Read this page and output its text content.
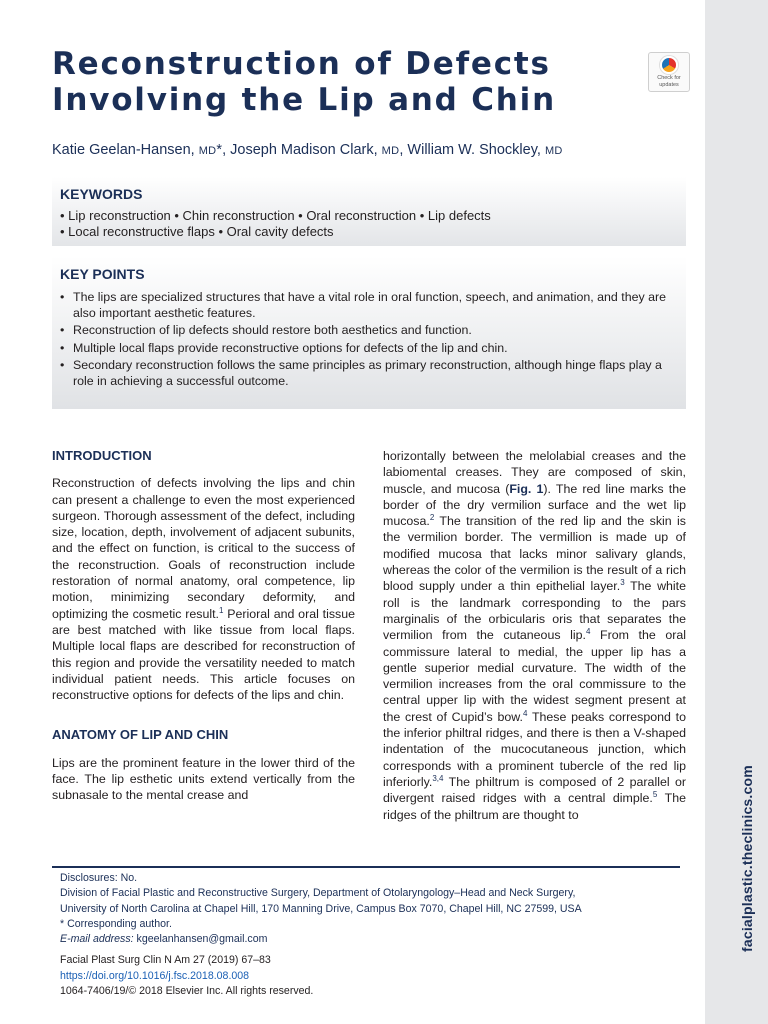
facialplastic.theclinics.com
Reconstruction of Defects
Involving the Lip and Chin
Check for
updates
Katie Geelan-Hansen, MD*, Joseph Madison Clark, MD, William W. Shockley, MD
KEYWORDS
• Lip reconstruction • Chin reconstruction • Oral reconstruction • Lip defects
• Local reconstructive flaps • Oral cavity defects
KEY POINTS
• The lips are specialized structures that have a vital role in oral function, speech, and animation, and they are also important aesthetic features.
• Reconstruction of lip defects should restore both aesthetics and function.
• Multiple local flaps provide reconstructive options for defects of the lip and chin.
• Secondary reconstruction follows the same principles as primary reconstruction, although hinge flaps play a role in achieving a successful outcome.
INTRODUCTION

Reconstruction of defects involving the lips and chin can present a challenge to even the most experienced surgeon. Thorough assessment of the defect, including size, location, depth, involvement of adjacent subunits, and the effect on function, is critical to the success of the reconstruction. Goals of reconstruction include restoration of normal anatomy, oral competence, lip motion, minimizing secondary deformity, and optimizing the cosmetic result.$^1$ Perioral and oral tissue are best matched with like tissue from local flaps. Multiple local flaps are described for reconstruction of this region and provide the versatility needed to match individual patient needs. This article focuses on reconstructive options for defects of the lips and chin.

ANATOMY OF LIP AND CHIN

Lips are the prominent feature in the lower third of the face. The lip esthetic units extend vertically from the subnasale to the mental crease and

horizontally between the melolabial creases and the labiomental creases. They are composed of skin, muscle, and mucosa (Fig. 1). The red line marks the border of the dry vermilion surface and the wet lip mucosa.$^2$ The transition of the red lip and the skin is the vermilion border. The vermillion is made up of modified mucosa that lacks minor salivary glands, whereas the color of the vermilion is the result of a rich blood supply under a thin epithelial layer.$^3$ The white roll is the landmark corresponding to the pars marginalis of the orbicularis oris that separates the vermilion from the cutaneous lip.$^4$ From the oral commissure lateral to medial, the upper lip has a gentle superior medial curvature. The width of the vermilion increases from the oral commissure to the central upper lip with the widest segment present at the crest of Cupid’s bow.$^4$ These peaks correspond to the inferior philtral ridges, and there is then a V-shaped indentation of the mucocutaneous junction, which corresponds with a prominent tubercle of the red lip inferiorly.$^{3,4}$ The philtrum is composed of 2 parallel or divergent raised ridges with a central dimple.$^5$ The ridges of the philtrum are thought to

Disclosures: No.
Division of Facial Plastic and Reconstructive Surgery, Department of Otolaryngology–Head and Neck Surgery,
University of North Carolina at Chapel Hill, 170 Manning Drive, Campus Box 7070, Chapel Hill, NC 27599, USA
* Corresponding author.
E-mail address: kgeelanhansen@gmail.com
Facial Plast Surg Clin N Am 27 (2019) 67–83
https://doi.org/10.1016/j.fsc.2018.08.008
1064-7406/19/© 2018 Elsevier Inc. All rights reserved.
